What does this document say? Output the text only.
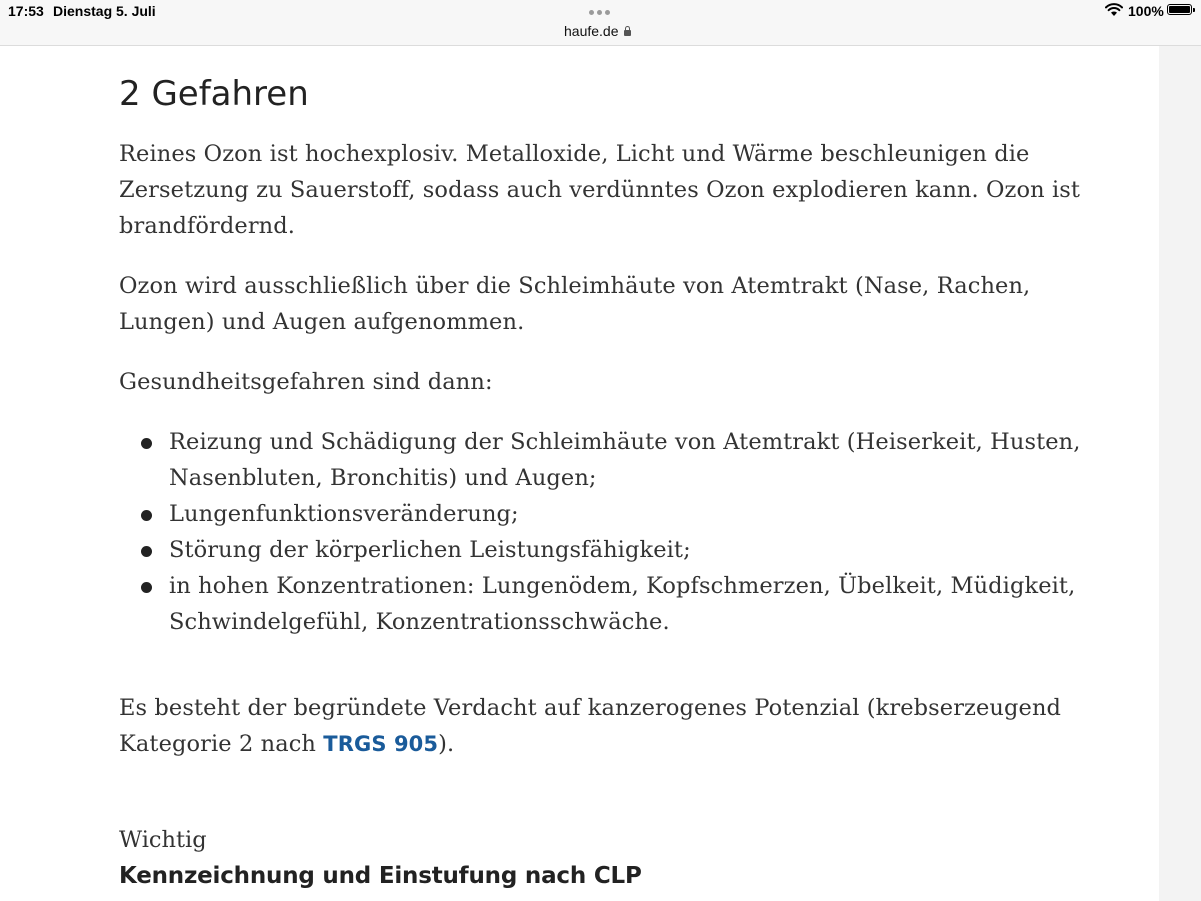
17:53 Dienstag 5. Juli
haufe.de
100%
2 Gefahren

Reines Ozon ist hochexplosiv. Metalloxide, Licht und Wärme beschleunigen die Zersetzung zu Sauerstoff, sodass auch verdünntes Ozon explodieren kann. Ozon ist brandfördernd.

Ozon wird ausschließlich über die Schleimhäute von Atemtrakt (Nase, Rachen, Lungen) und Augen aufgenommen.

Gesundheitsgefahren sind dann:

Reizung und Schädigung der Schleimhäute von Atemtrakt (Heiserkeit, Husten, Nasenbluten, Bronchitis) und Augen;
Lungenfunktionsveränderung;
Störung der körperlichen Leistungsfähigkeit;
in hohen Konzentrationen: Lungenödem, Kopfschmerzen, Übelkeit, Müdigkeit, Schwindelgefühl, Konzentrationsschwäche.

Es besteht der begründete Verdacht auf kanzerogenes Potenzial (krebserzeugend Kategorie 2 nach TRGS 905).

Wichtig
Kennzeichnung und Einstufung nach CLP
